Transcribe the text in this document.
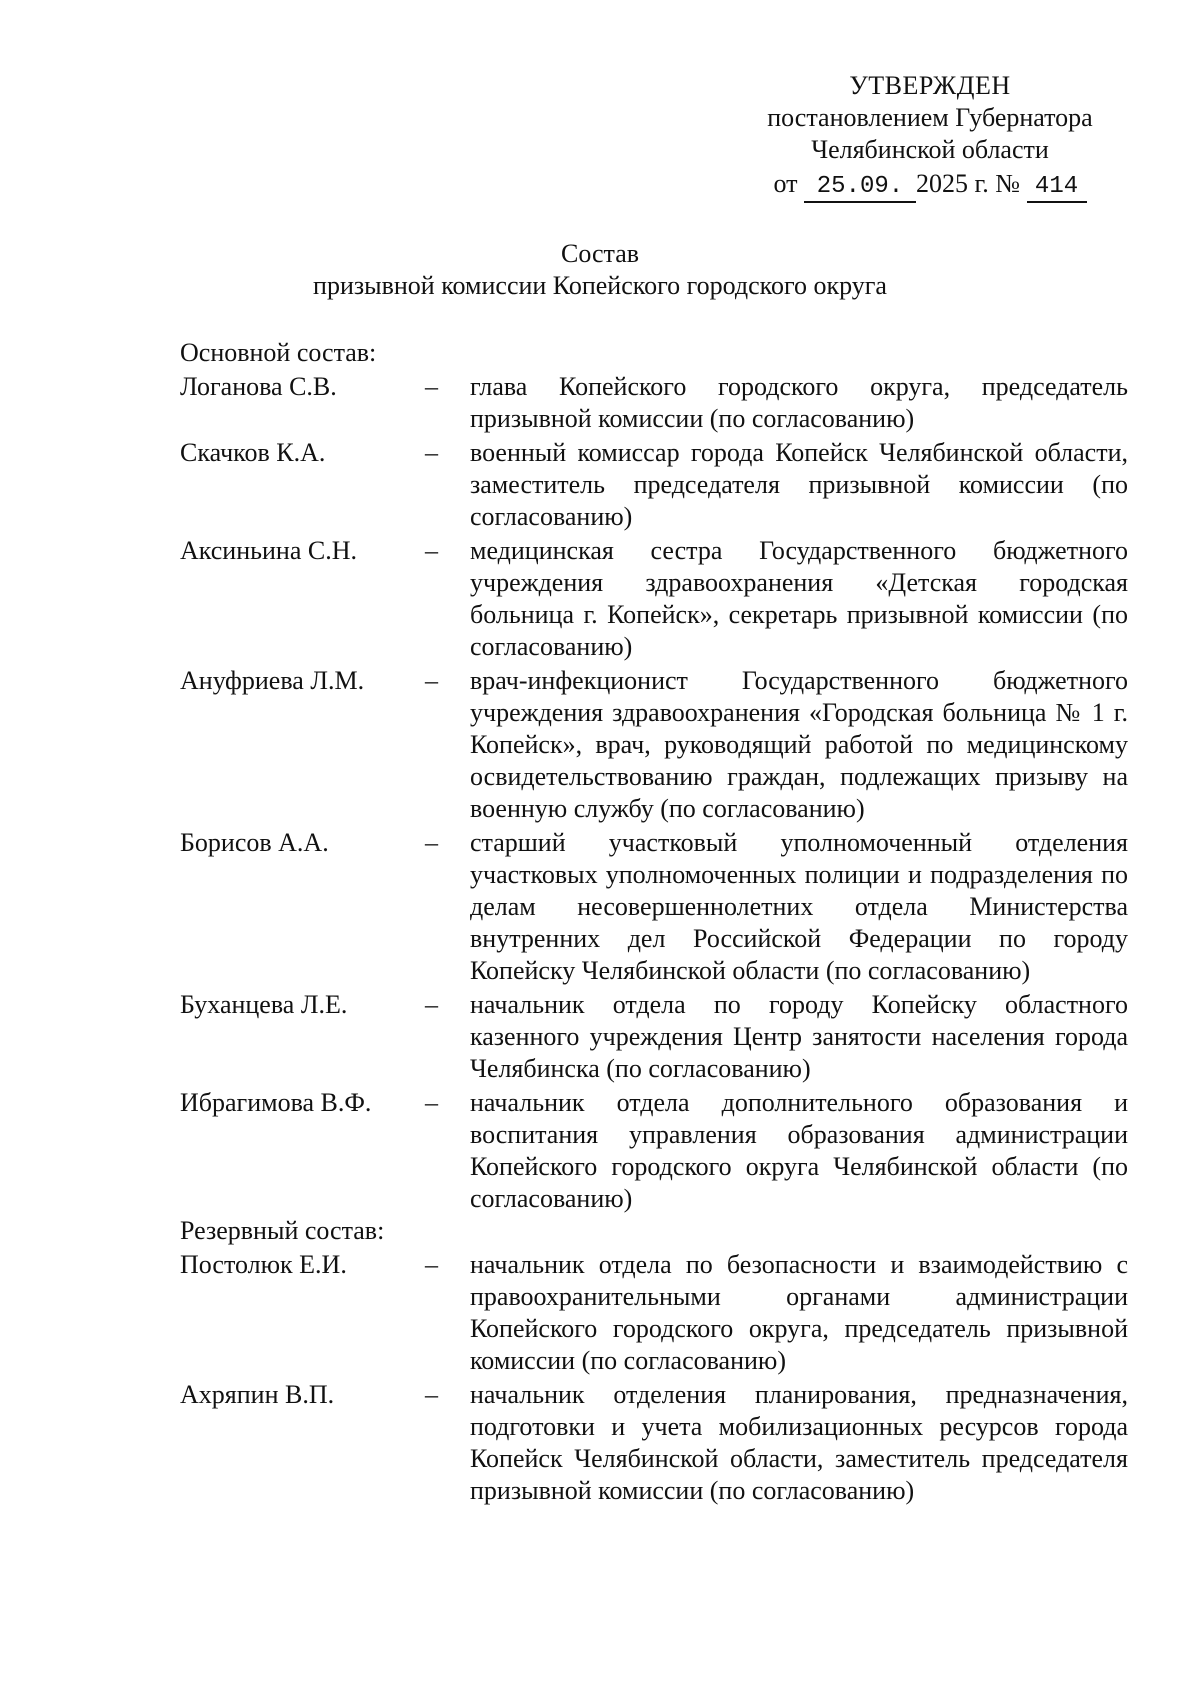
УТВЕРЖДЕН
постановлением Губернатора
Челябинской области
от 25.09. 2025 г. № 414
Состав
призывной комиссии Копейского городского округа
Основной состав:
Логанова С.В.	–	глава Копейского городского округа, председатель призывной комиссии (по согласованию)
Скачков К.А.	–	военный комиссар города Копейск Челябинской области, заместитель председателя призывной комиссии (по согласованию)
Аксиньина С.Н.	–	медицинская сестра Государственного бюджетного учреждения здравоохранения «Детская городская больница г. Копейск», секретарь призывной комиссии (по согласованию)
Ануфриева Л.М.	–	врач-инфекционист Государственного бюджетного учреждения здравоохранения «Городская больница № 1 г. Копейск», врач, руководящий работой по медицинскому освидетельствованию граждан, подлежащих призыву на военную службу (по согласованию)
Борисов А.А.	–	старший участковый уполномоченный отделения участковых уполномоченных полиции и подразделения по делам несовершеннолетних отдела Министерства внутренних дел Российской Федерации по городу Копейску Челябинской области (по согласованию)
Буханцева Л.Е.	–	начальник отдела по городу Копейску областного казенного учреждения Центр занятости населения города Челябинска (по согласованию)
Ибрагимова В.Ф.	–	начальник отдела дополнительного образования и воспитания управления образования администрации Копейского городского округа Челябинской области (по согласованию)
Резервный состав:
Постолюк Е.И.	–	начальник отдела по безопасности и взаимодействию с правоохранительными органами администрации Копейского городского округа, председатель призывной комиссии (по согласованию)
Ахряпин В.П.	–	начальник отделения планирования, предназначения, подготовки и учета мобилизационных ресурсов города Копейск Челябинской области, заместитель председателя призывной комиссии (по согласованию)
